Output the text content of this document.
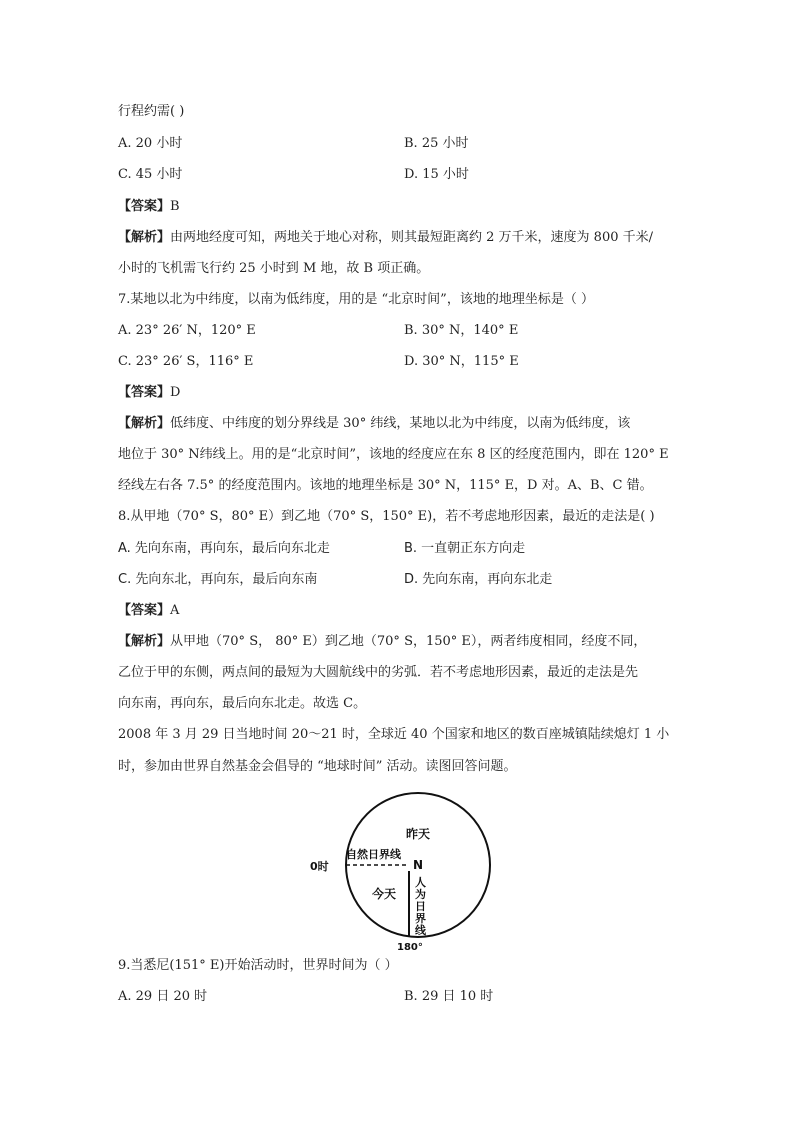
行程约需( )
A. 20 小时	B. 25 小时
C. 45 小时	D. 15 小时
【答案】B
【解析】由两地经度可知，两地关于地心对称，则其最短距离约 2 万千米，速度为 800 千米/
小时的飞机需飞行约 25 小时到 M 地，故 B 项正确。
7.某地以北为中纬度，以南为低纬度，用的是 “北京时间”，该地的地理坐标是（ ）
A. 23° 26′ N，120° E	B. 30° N，140° E
C. 23° 26′ S，116° E	D. 30° N，115° E
【答案】D
【解析】低纬度、中纬度的划分界线是 30° 纬线，某地以北为中纬度，以南为低纬度，该
地位于 30° N纬线上。用的是“北京时间”，该地的经度应在东 8 区的经度范围内，即在 120° E
经线左右各 7.5° 的经度范围内。该地的地理坐标是 30° N，115° E，D 对。A、B、C 错。
8.从甲地（70° S，80° E）到乙地（70° S，150° E)，若不考虑地形因素，最近的走法是( )
A. 先向东南，再向东，最后向东北走	B. 一直朝正东方向走
C. 先向东北，再向东，最后向东南	D. 先向东南，再向东北走
【答案】A
【解析】从甲地（70° S， 80° E）到乙地（70° S，150° E），两者纬度相同，经度不同，
乙位于甲的东侧，两点间的最短为大圆航线中的劣弧．若不考虑地形因素，最近的走法是先
向东南，再向东，最后向东北走。故选 C。
2008 年 3 月 29 日当地时间 20～21 时，全球近 40 个国家和地区的数百座城镇陆续熄灯 1 小
时，参加由世界自然基金会倡导的 “地球时间” 活动。读图回答问题。
昨天
今天
自然日界线
N
0时
180°
人
为
日
界
线
9.当悉尼(151° E)开始活动时，世界时间为（ ）
A. 29 日 20 时	B. 29 日 10 时
